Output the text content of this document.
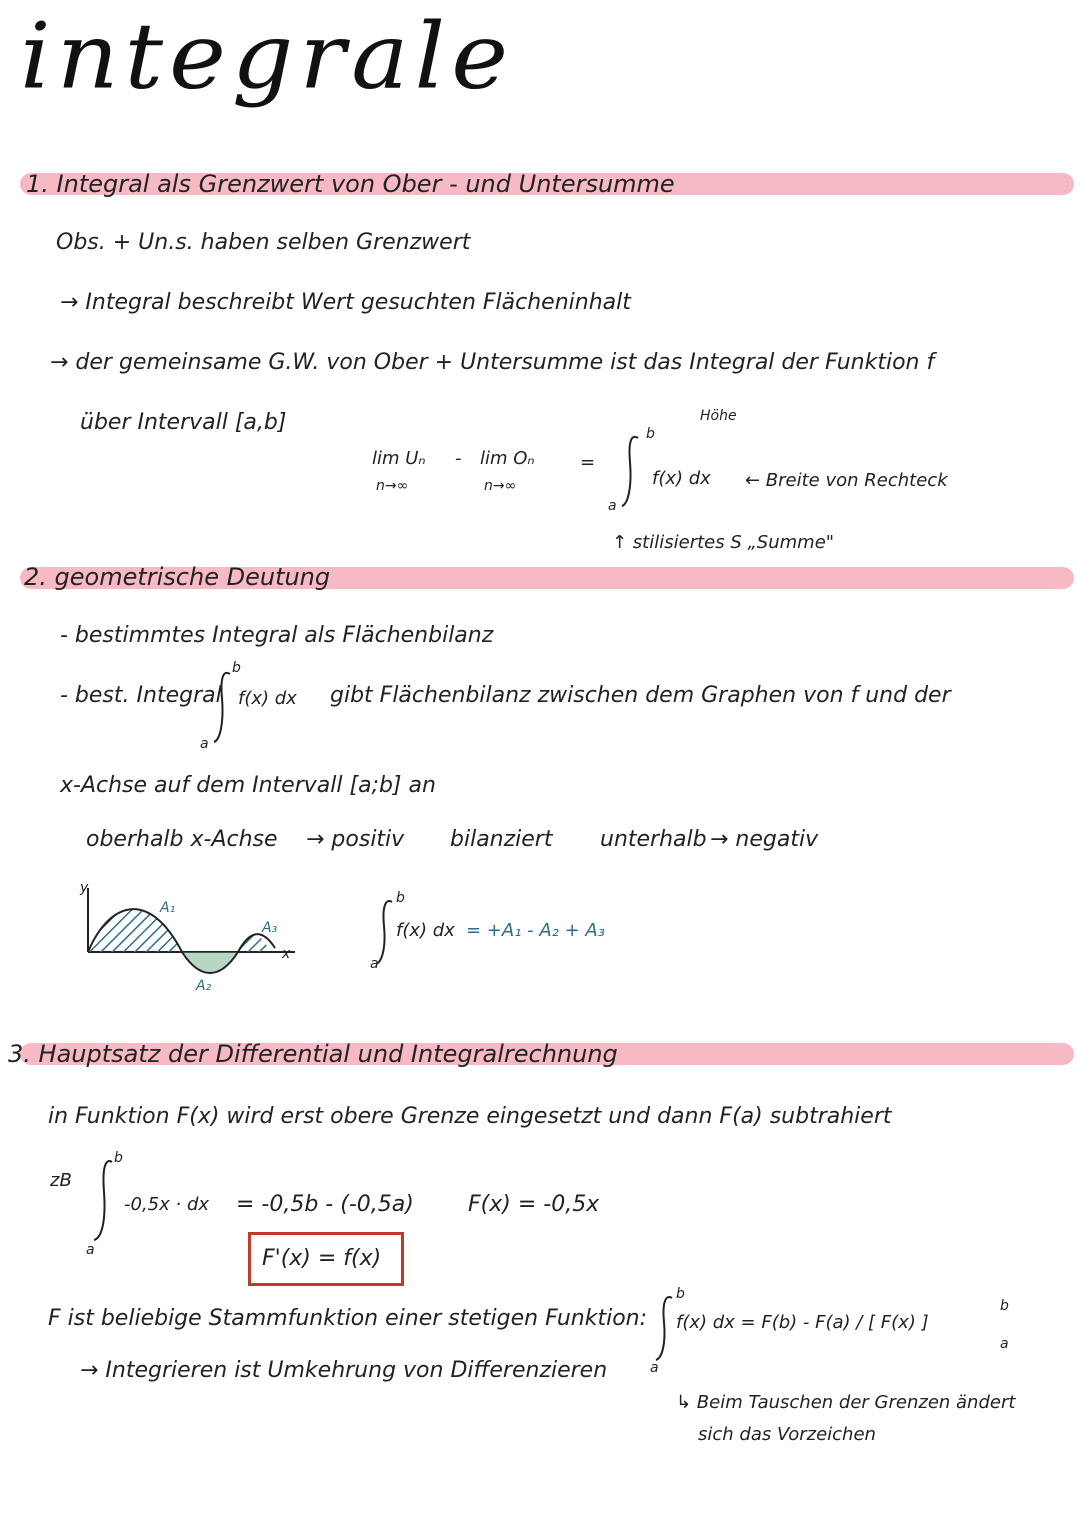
integrale
1. Integral als Grenzwert von Ober - und Untersumme
Obs. + Un.s. haben selben Grenzwert
→ Integral beschreibt Wert gesuchten Flächeninhalt
→ der gemeinsame G.W. von Ober + Untersumme ist das Integral der Funktion f
über Intervall [a,b]
lim Uₙ - lim Oₙ	=
n→∞	n→∞
Höhe
b
a
f(x) dx ← Breite von Rechteck
↑ stilisiertes S „Summe"
2. geometrische Deutung
- bestimmtes Integral als Flächenbilanz
- best. Integral
b
a
f(x) dx gibt Flächenbilanz zwischen dem Graphen von f und der
x-Achse auf dem Intervall [a;b] an
oberhalb x-Achse → positiv bilanziert unterhalb → negativ
y
x
A₁
A₂
A₃
b
a
f(x) dx = +A₁ - A₂ + A₃
3. Hauptsatz der Differential und Integralrechnung
in Funktion F(x) wird erst obere Grenze eingesetzt und dann F(a) subtrahiert
zB
b
a
-0,5x · dx = -0,5b - (-0,5a) F(x) = -0,5x
F'(x) = f(x)
F ist beliebige Stammfunktion einer stetigen Funktion:
b
a
f(x) dx = F(b) - F(a) / [ F(x) ]
b
a
→ Integrieren ist Umkehrung von Differenzieren
↳ Beim Tauschen der Grenzen ändert
sich das Vorzeichen
